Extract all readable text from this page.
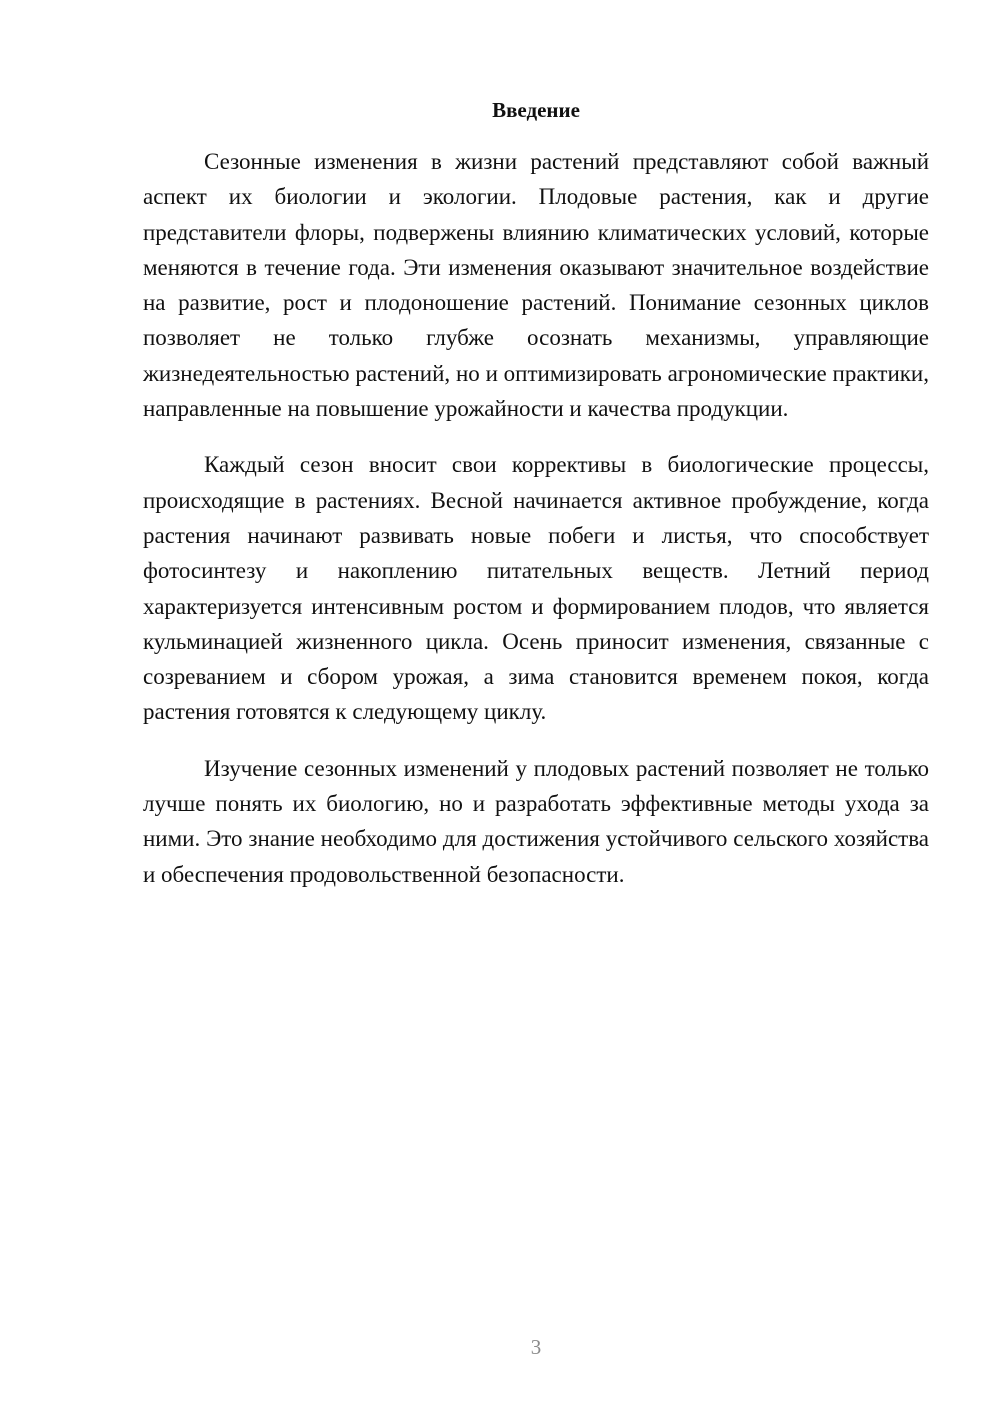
Введение

Сезонные изменения в жизни растений представляют собой важный аспект их биологии и экологии. Плодовые растения, как и другие представители флоры, подвержены влиянию климатических условий, которые меняются в течение года. Эти изменения оказывают значительное воздействие на развитие, рост и плодоношение растений. Понимание сезонных циклов позволяет не только глубже осознать механизмы, управляющие жизнедеятельностью растений, но и оптимизировать агрономические практики, направленные на повышение урожайности и качества продукции.

Каждый сезон вносит свои коррективы в биологические процессы, происходящие в растениях. Весной начинается активное пробуждение, когда растения начинают развивать новые побеги и листья, что способствует фотосинтезу и накоплению питательных веществ. Летний период характеризуется интенсивным ростом и формированием плодов, что является кульминацией жизненного цикла. Осень приносит изменения, связанные с созреванием и сбором урожая, а зима становится временем покоя, когда растения готовятся к следующему циклу.

Изучение сезонных изменений у плодовых растений позволяет не только лучше понять их биологию, но и разработать эффективные методы ухода за ними. Это знание необходимо для достижения устойчивого сельского хозяйства и обеспечения продовольственной безопасности.

3
